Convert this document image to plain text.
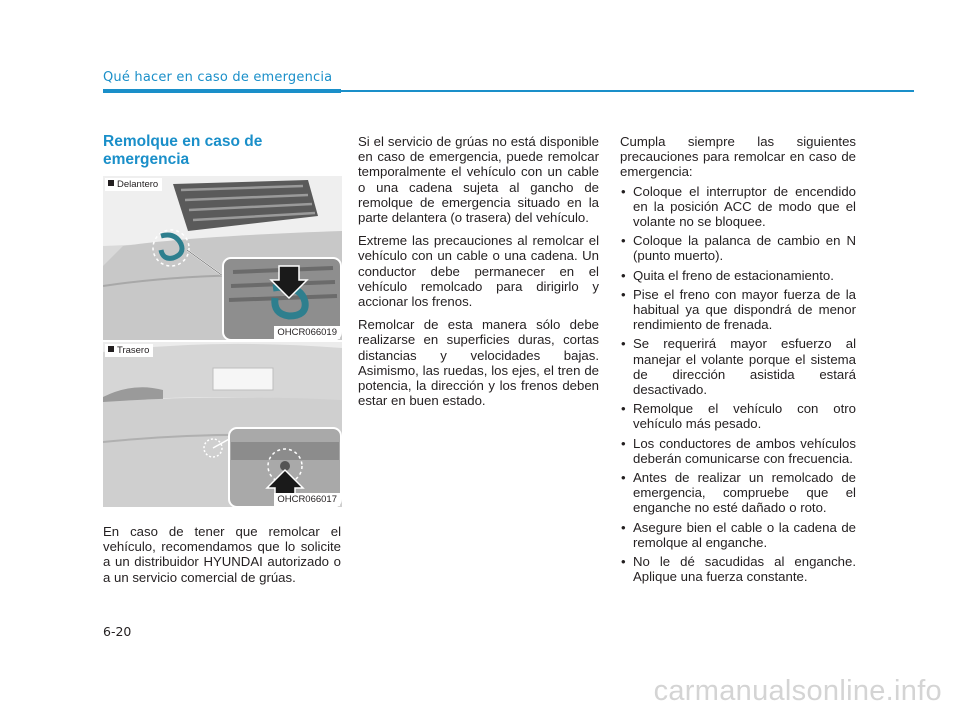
Qué hacer en caso de emergencia
Remolque en caso de emergencia
Delantero
OHCR066019
Trasero
OHCR066017

En caso de tener que remolcar el vehículo, recomendamos que lo solicite a un distribuidor HYUNDAI autorizado o a un servicio comercial de grúas.

Si el servicio de grúas no está disponible en caso de emergencia, puede remolcar temporalmente el vehículo con un cable o una cadena sujeta al gancho de remolque de emergencia situado en la parte delantera (o trasera) del vehículo.

Extreme las precauciones al remolcar el vehículo con un cable o una cadena. Un conductor debe permanecer en el vehículo remolcado para dirigirlo y accionar los frenos.

Remolcar de esta manera sólo debe realizarse en superficies duras, cortas distancias y velocidades bajas. Asimismo, las ruedas, los ejes, el tren de potencia, la dirección y los frenos deben estar en buen estado.

Cumpla siempre las siguientes precauciones para remolcar en caso de emergencia:

• Coloque el interruptor de encendido en la posición ACC de modo que el volante no se bloquee.
• Coloque la palanca de cambio en N (punto muerto).
• Quita el freno de estacionamiento.
• Pise el freno con mayor fuerza de la habitual ya que dispondrá de menor rendimiento de frenada.
• Se requerirá mayor esfuerzo al manejar el volante porque el sistema de dirección asistida estará desactivado.
• Remolque el vehículo con otro vehículo más pesado.
• Los conductores de ambos vehículos deberán comunicarse con frecuencia.
• Antes de realizar un remolcado de emergencia, compruebe que el enganche no esté dañado o roto.
• Asegure bien el cable o la cadena de remolque al enganche.
• No le dé sacudidas al enganche. Aplique una fuerza constante.
6-20
carmanualsonline.info
